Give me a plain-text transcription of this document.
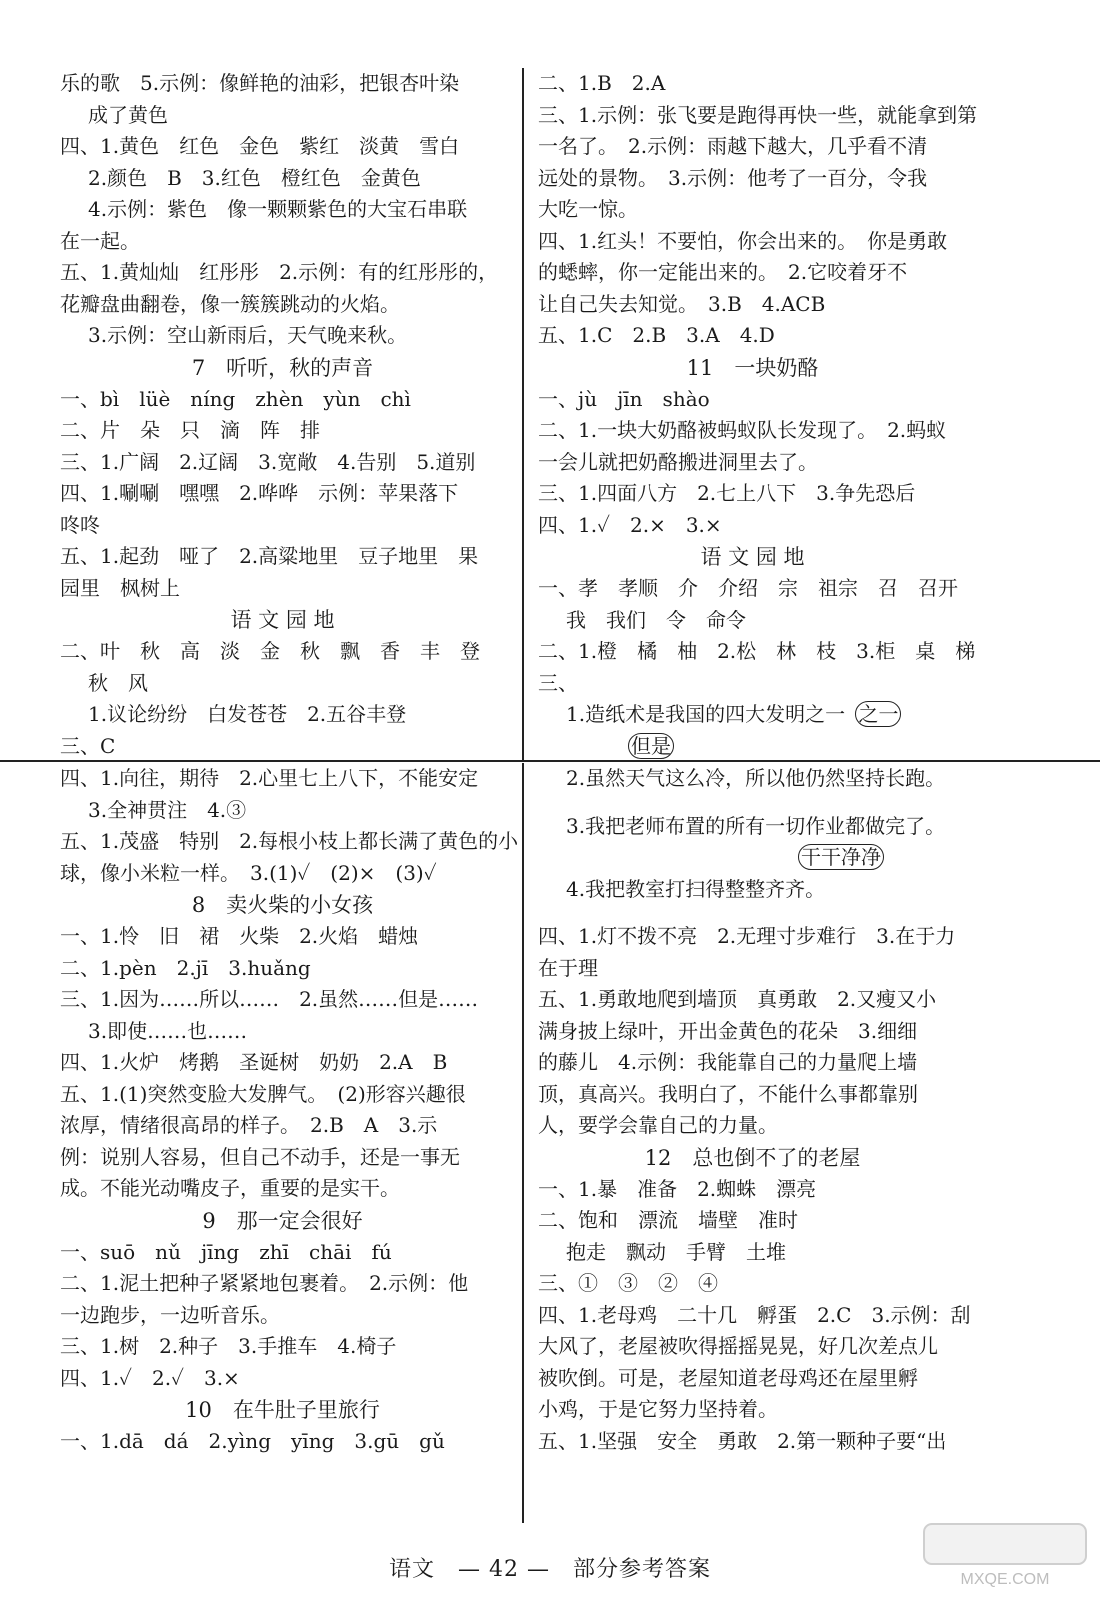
乐的歌　5.示例：像鲜艳的油彩，把银杏叶染
成了黄色
四、1.黄色　红色　金色　紫红　淡黄　雪白
2.颜色　B　3.红色　橙红色　金黄色
4.示例：紫色　像一颗颗紫色的大宝石串联
在一起。
五、1.黄灿灿　红彤彤　2.示例：有的红彤彤的，
花瓣盘曲翻卷，像一簇簇跳动的火焰。
3.示例：空山新雨后，天气晚来秋。
7　听听，秋的声音
一、bì　lüè　níng　zhèn　yùn　chì
二、片　朵　只　滴　阵　排
三、1.广阔　2.辽阔　3.宽敞　4.告别　5.道别
四、1.唰唰　嘿嘿　2.哗哗　示例：苹果落下
咚咚
五、1.起劲　哑了　2.高粱地里　豆子地里　果
园里　枫树上
语 文 园 地
二、叶　秋　高　淡　金　秋　飘　香　丰　登
秋　风
1.议论纷纷　白发苍苍　2.五谷丰登
三、C
二、1.B　2.A
三、1.示例：张飞要是跑得再快一些，就能拿到第
一名了。　2.示例：雨越下越大，几乎看不清
远处的景物。　3.示例：他考了一百分，令我
大吃一惊。
四、1.红头！不要怕，你会出来的。　你是勇敢
的蟋蟀，你一定能出来的。　2.它咬着牙不
让自己失去知觉。　3.B　4.ACB
五、1.C　2.B　3.A　4.D
11　一块奶酪
一、jù　jīn　shào
二、1.一块大奶酪被蚂蚁队长发现了。　2.蚂蚁
一会儿就把奶酪搬进洞里去了。
三、1.四面八方　2.七上八下　3.争先恐后
四、1.✓　2.×　3.×
语 文 园 地
一、孝　孝顺　介　介绍　宗　祖宗　召　召开
我　我们　令　命令
二、1.橙　橘　柚　2.松　林　枝　3.柜　桌　梯
三、
1.造纸术是我国的四大发明之一 之一
但是
四、1.向往，期待　2.心里七上八下，不能安定
3.全神贯注　4.③
五、1.茂盛　特别　2.每根小枝上都长满了黄色的小
球，像小米粒一样。　3.(1)✓　(2)×　(3)✓
8　卖火柴的小女孩
一、1.怜　旧　裙　火柴　2.火焰　蜡烛
二、1.pèn　2.jī　3.huǎng
三、1.因为……所以……　2.虽然……但是……
3.即使……也……
四、1.火炉　烤鹅　圣诞树　奶奶　2.A　B
五、1.(1)突然变脸大发脾气。　(2)形容兴趣很
浓厚，情绪很高昂的样子。　2.B　A　3.示
例：说别人容易，但自己不动手，还是一事无
成。不能光动嘴皮子，重要的是实干。
9　那一定会很好
一、suō　nǔ　jīng　zhī　chāi　fú
二、1.泥土把种子紧紧地包裹着。　2.示例：他
一边跑步，一边听音乐。
三、1.树　2.种子　3.手推车　4.椅子
四、1.✓　2.✓　3.×
10　在牛肚子里旅行
一、1.dā　dá　2.yìng　yīng　3.gū　gǔ
2.虽然天气这么冷，所以他仍然坚持长跑。
3.我把老师布置的所有一切作业都做完了。
干干净净
4.我把教室打扫得整整齐齐。
四、1.灯不拨不亮　2.无理寸步难行　3.在于力
在于理
五、1.勇敢地爬到墙顶　真勇敢　2.又瘦又小
满身披上绿叶，开出金黄色的花朵　3.细细
的藤儿　4.示例：我能靠自己的力量爬上墙
顶，真高兴。我明白了，不能什么事都靠别
人，要学会靠自己的力量。
12　总也倒不了的老屋
一、1.暴　准备　2.蜘蛛　漂亮
二、饱和　漂流　墙壁　准时
抱走　飘动　手臂　土堆
三、①　③　②　④
四、1.老母鸡　二十几　孵蛋　2.C　3.示例：刮
大风了，老屋被吹得摇摇晃晃，好几次差点儿
被吹倒。可是，老屋知道老母鸡还在屋里孵
小鸡，于是它努力坚持着。
五、1.坚强　安全　勇敢　2.第一颗种子要“出
语文　— 42 —　部分参考答案	MXQE.COM
